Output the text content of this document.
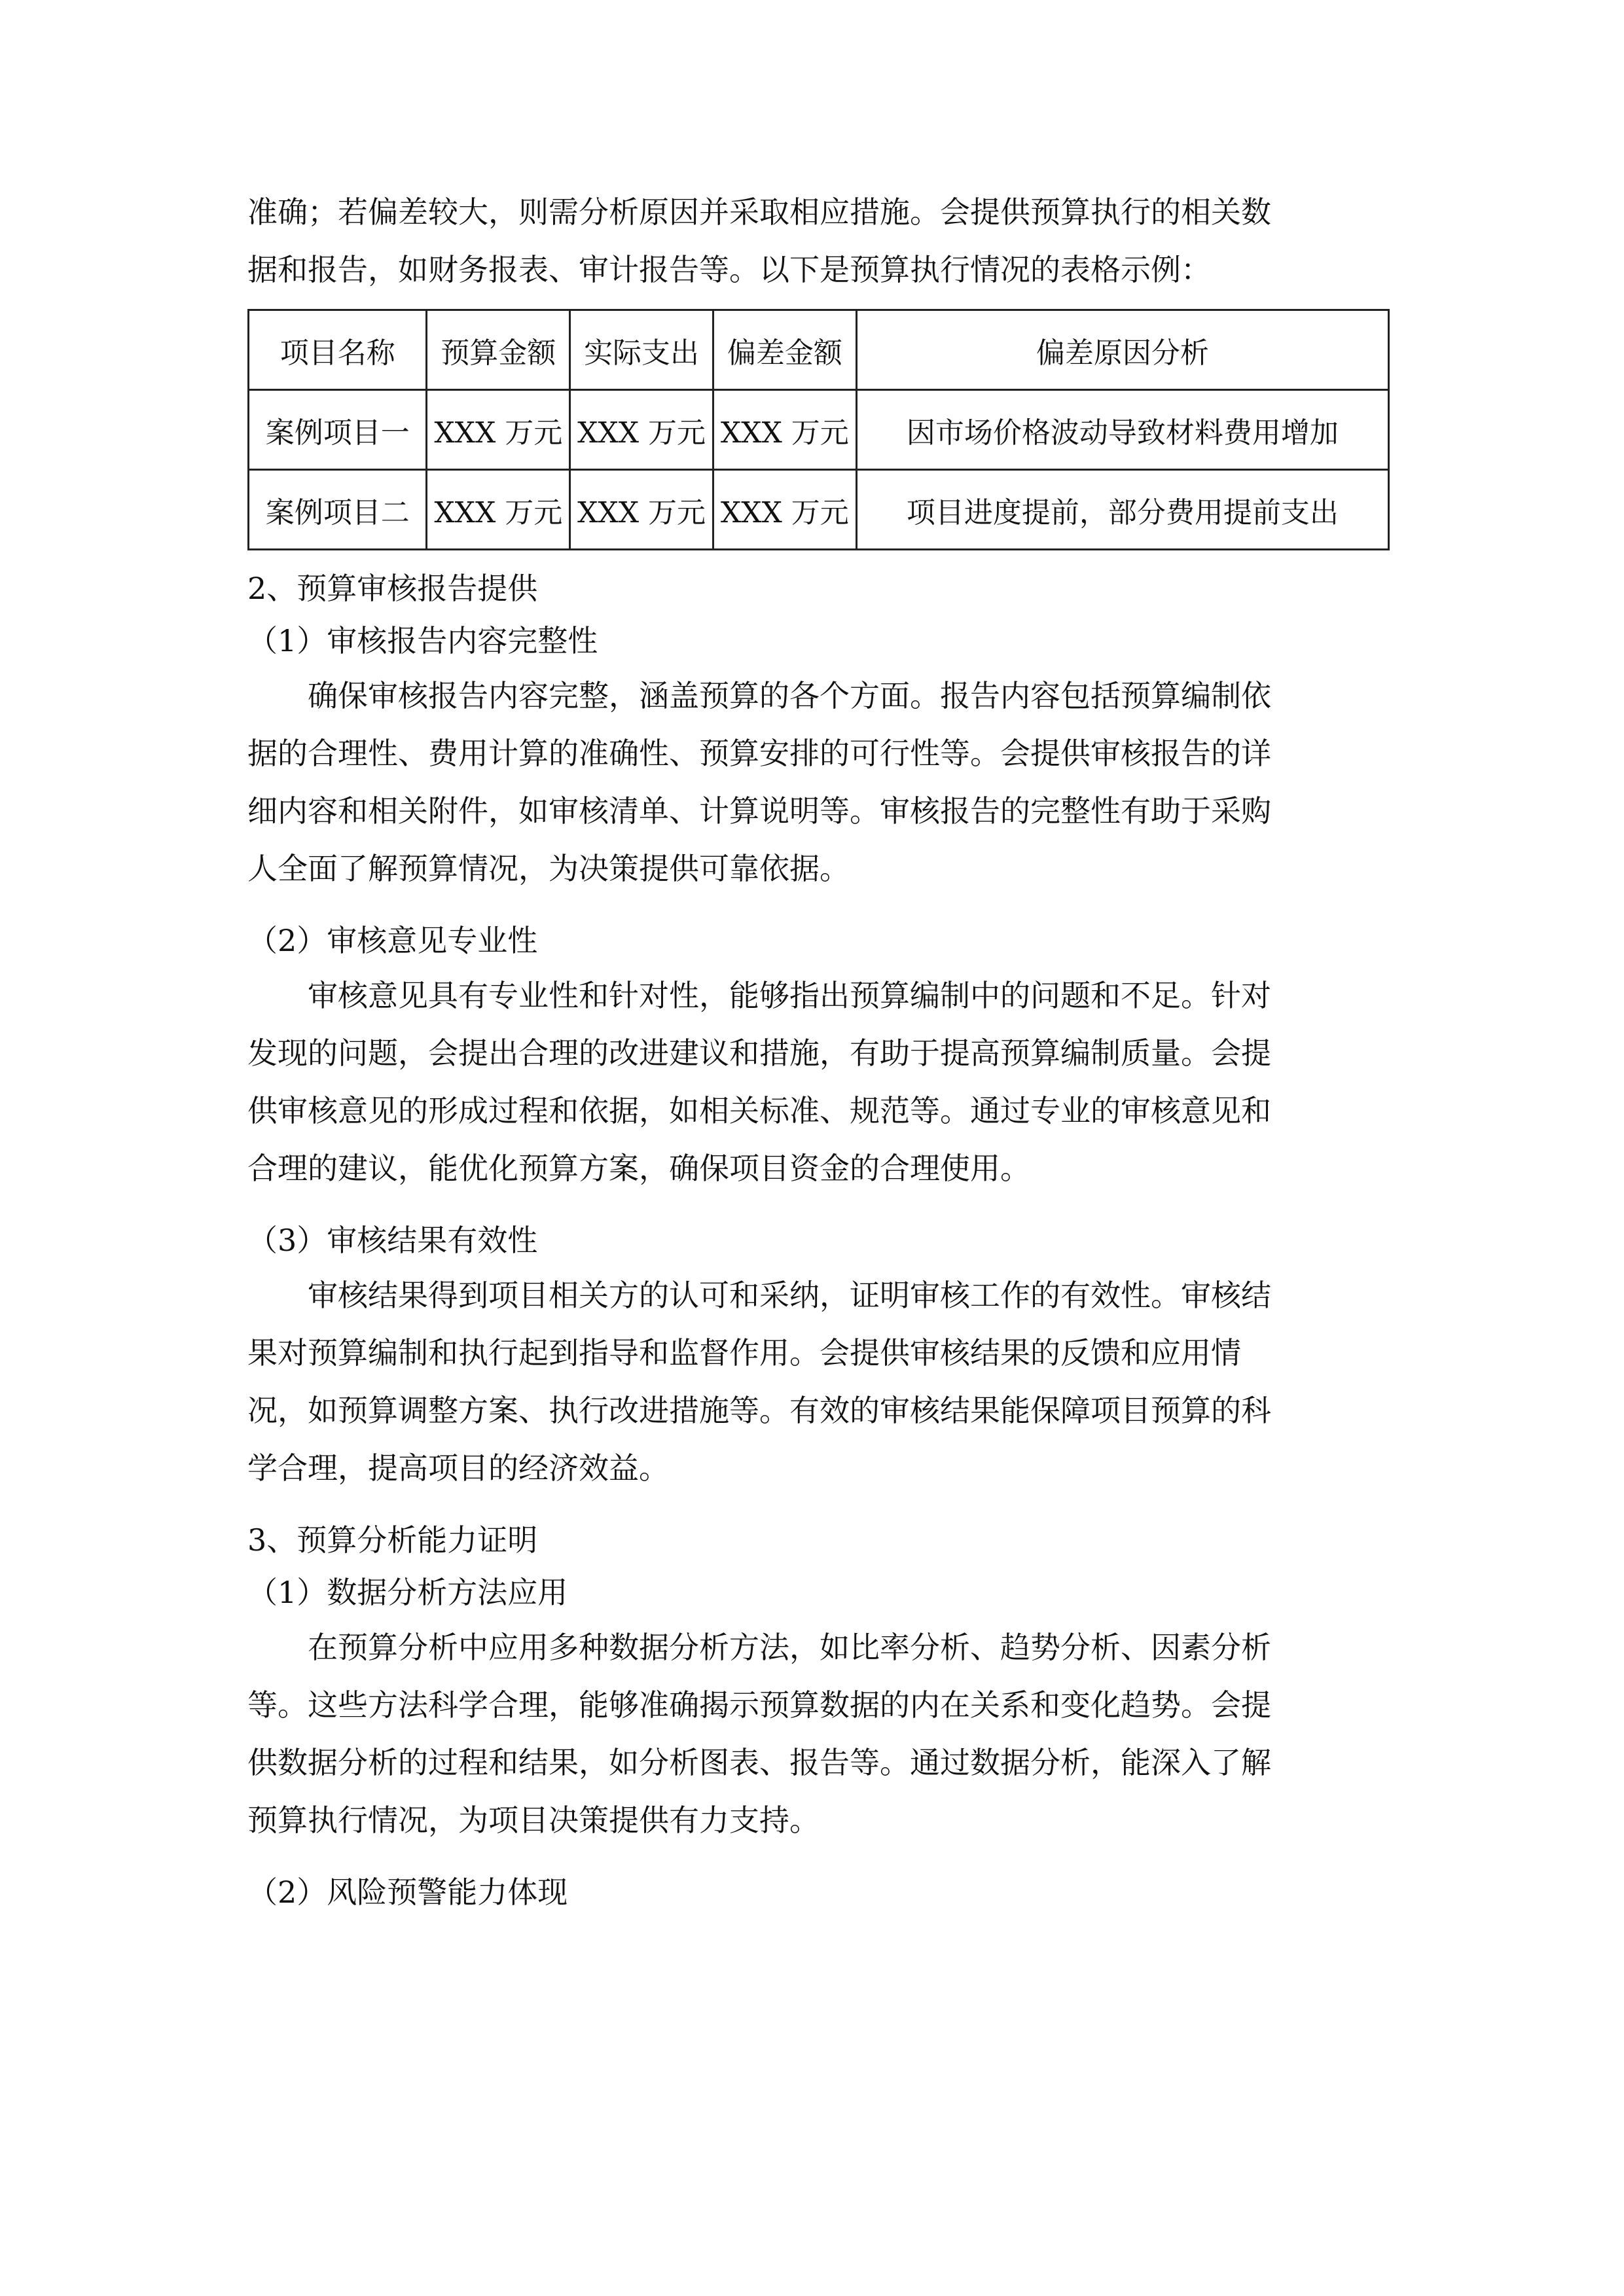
准确；若偏差较大，则需分析原因并采取相应措施。会提供预算执行的相关数

据和报告，如财务报表、审计报告等。以下是预算执行情况的表格示例：

项目名称	预算金额	实际支出	偏差金额	偏差原因分析
案例项目一	XXX 万元	XXX 万元	XXX 万元	因市场价格波动导致材料费用增加
案例项目二	XXX 万元	XXX 万元	XXX 万元	项目进度提前，部分费用提前支出

2、预算审核报告提供

（1）审核报告内容完整性

确保审核报告内容完整，涵盖预算的各个方面。报告内容包括预算编制依

据的合理性、费用计算的准确性、预算安排的可行性等。会提供审核报告的详

细内容和相关附件，如审核清单、计算说明等。审核报告的完整性有助于采购

人全面了解预算情况，为决策提供可靠依据。

（2）审核意见专业性

审核意见具有专业性和针对性，能够指出预算编制中的问题和不足。针对

发现的问题，会提出合理的改进建议和措施，有助于提高预算编制质量。会提

供审核意见的形成过程和依据，如相关标准、规范等。通过专业的审核意见和

合理的建议，能优化预算方案，确保项目资金的合理使用。

（3）审核结果有效性

审核结果得到项目相关方的认可和采纳，证明审核工作的有效性。审核结

果对预算编制和执行起到指导和监督作用。会提供审核结果的反馈和应用情

况，如预算调整方案、执行改进措施等。有效的审核结果能保障项目预算的科

学合理，提高项目的经济效益。

3、预算分析能力证明

（1）数据分析方法应用

在预算分析中应用多种数据分析方法，如比率分析、趋势分析、因素分析

等。这些方法科学合理，能够准确揭示预算数据的内在关系和变化趋势。会提

供数据分析的过程和结果，如分析图表、报告等。通过数据分析，能深入了解

预算执行情况，为项目决策提供有力支持。

（2）风险预警能力体现
